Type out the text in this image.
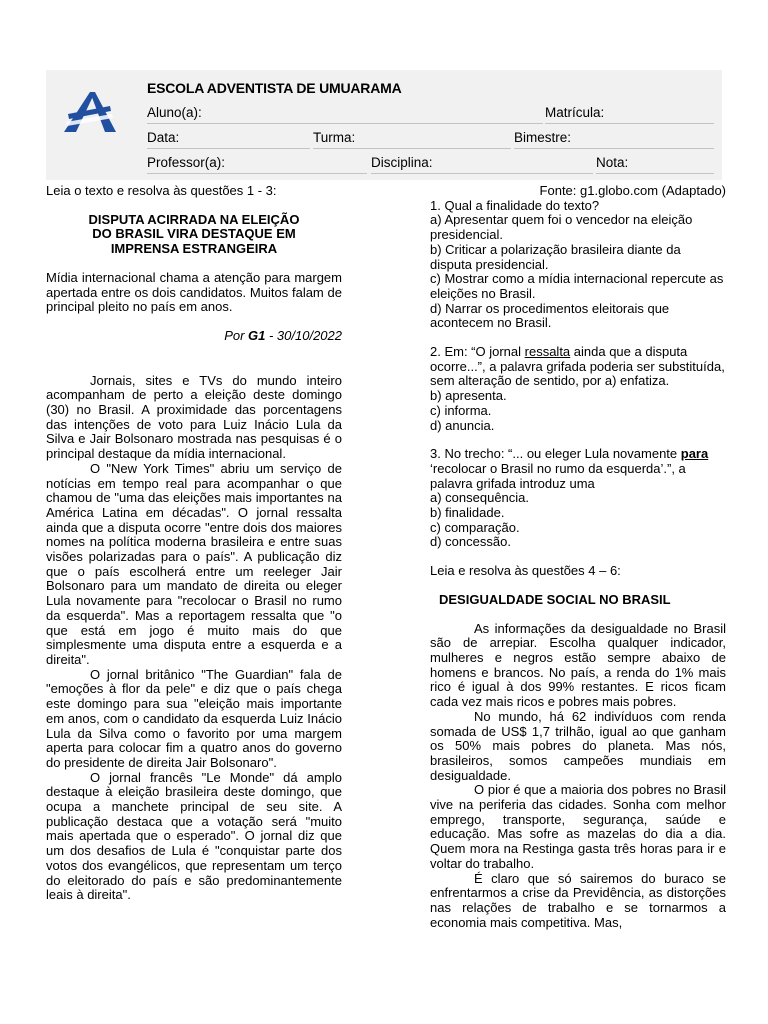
ESCOLA ADVENTISTA DE UMUARAMA
Aluno(a):	Matrícula:
Data:	Turma:	Bimestre:
Professor(a):	Disciplina:	Nota:

Leia o texto e resolva às questões 1 - 3:

DISPUTA ACIRRADA NA ELEIÇÃO
DO BRASIL VIRA DESTAQUE EM
IMPRENSA ESTRANGEIRA

Mídia internacional chama a atenção para margem apertada entre os dois candidatos. Muitos falam de principal pleito no país em anos.

Por G1 - 30/10/2022

Jornais, sites e TVs do mundo inteiro acompanham de perto a eleição deste domingo (30) no Brasil. A proximidade das porcentagens das intenções de voto para Luiz Inácio Lula da Silva e Jair Bolsonaro mostrada nas pesquisas é o principal destaque da mídia internacional.

O "New York Times" abriu um serviço de notícias em tempo real para acompanhar o que chamou de "uma das eleições mais importantes na América Latina em décadas". O jornal ressalta ainda que a disputa ocorre "entre dois dos maiores nomes na política moderna brasileira e entre suas visões polarizadas para o país". A publicação diz que o país escolherá entre um reeleger Jair Bolsonaro para um mandato de direita ou eleger Lula novamente para "recolocar o Brasil no rumo da esquerda". Mas a reportagem ressalta que "o que está em jogo é muito mais do que simplesmente uma disputa entre a esquerda e a direita".

O jornal britânico "The Guardian" fala de "emoções à flor da pele" e diz que o país chega este domingo para sua "eleição mais importante em anos, com o candidato da esquerda Luiz Inácio Lula da Silva como o favorito por uma margem aperta para colocar fim a quatro anos do governo do presidente de direita Jair Bolsonaro".

O jornal francês "Le Monde" dá amplo destaque à eleição brasileira deste domingo, que ocupa a manchete principal de seu site. A publicação destaca que a votação será "muito mais apertada que o esperado". O jornal diz que um dos desafios de Lula é "conquistar parte dos votos dos evangélicos, que representam um terço do eleitorado do país e são predominantemente leais à direita".

Fonte: g1.globo.com (Adaptado)

1. Qual a finalidade do texto?

a) Apresentar quem foi o vencedor na eleição presidencial.

b) Criticar a polarização brasileira diante da disputa presidencial.

c) Mostrar como a mídia internacional repercute as eleições no Brasil.

d) Narrar os procedimentos eleitorais que acontecem no Brasil.

2. Em: “O jornal ressalta ainda que a disputa ocorre...”, a palavra grifada poderia ser substituída, sem alteração de sentido, por a) enfatiza.

b) apresenta.

c) informa.

d) anuncia.

3. No trecho: “... ou eleger Lula novamente para ‘recolocar o Brasil no rumo da esquerda’.”, a palavra grifada introduz uma

a) consequência.

b) finalidade.

c) comparação.

d) concessão.

Leia e resolva às questões 4 – 6:

DESIGUALDADE SOCIAL NO BRASIL

As informações da desigualdade no Brasil são de arrepiar. Escolha qualquer indicador, mulheres e negros estão sempre abaixo de homens e brancos. No país, a renda do 1% mais rico é igual à dos 99% restantes. E ricos ficam cada vez mais ricos e pobres mais pobres.

No mundo, há 62 indivíduos com renda somada de US$ 1,7 trilhão, igual ao que ganham os 50% mais pobres do planeta. Mas nós, brasileiros, somos campeões mundiais em desigualdade.

O pior é que a maioria dos pobres no Brasil vive na periferia das cidades. Sonha com melhor emprego, transporte, segurança, saúde e educação. Mas sofre as mazelas do dia a dia. Quem mora na Restinga gasta três horas para ir e voltar do trabalho.

É claro que só sairemos do buraco se enfrentarmos a crise da Previdência, as distorções nas relações de trabalho e se tornarmos a economia mais competitiva. Mas,
